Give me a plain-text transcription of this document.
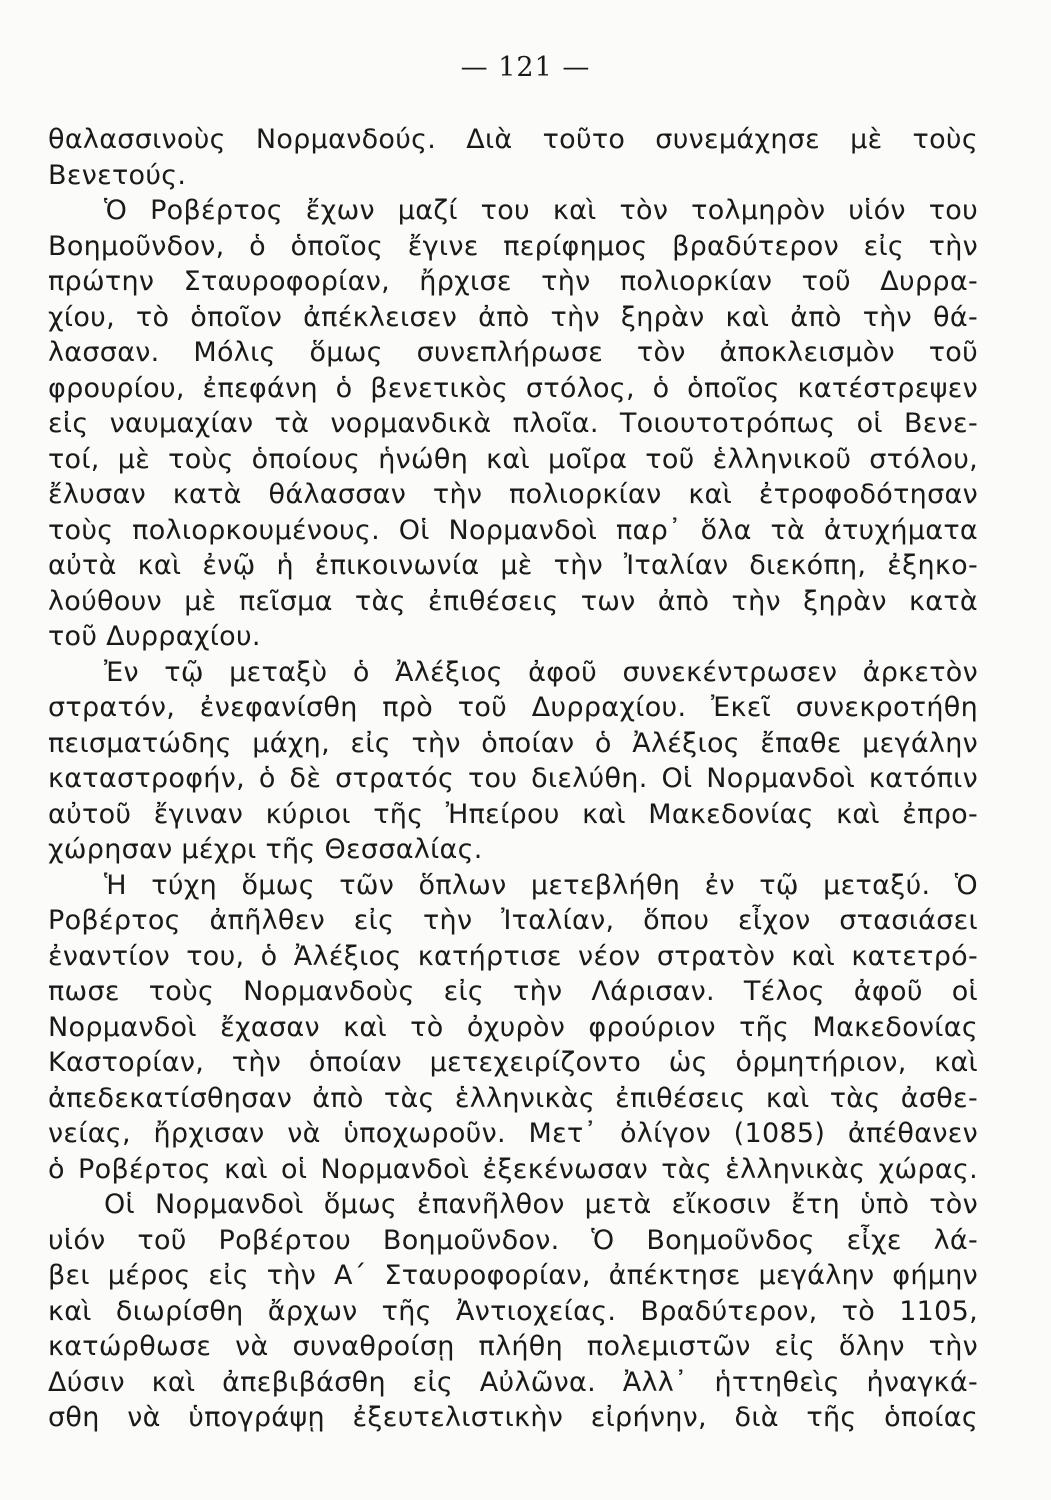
— 121 —
θαλασσινοὺς Νορμανδούς. Διὰ τοῦτο συνεμάχησε μὲ τοὺς
Βενετούς.
Ὁ Ροβέρτος ἔχων μαζί του καὶ τὸν τολμηρὸν υἱόν του
Βοημοῦνδον, ὁ ὁποῖος ἔγινε περίφημος βραδύτερον εἰς τὴν
πρώτην Σταυροφορίαν, ἤρχισε τὴν πολιορκίαν τοῦ Δυρρα-
χίου, τὸ ὁποῖον ἀπέκλεισεν ἀπὸ τὴν ξηρὰν καὶ ἀπὸ τὴν θά-
λασσαν. Μόλις ὅμως συνεπλήρωσε τὸν ἀποκλεισμὸν τοῦ
φρουρίου, ἐπεφάνη ὁ βενετικὸς στόλος, ὁ ὁποῖος κατέστρεψεν
εἰς ναυμαχίαν τὰ νορμανδικὰ πλοῖα. Τοιουτοτρόπως οἱ Βενε-
τοί, μὲ τοὺς ὁποίους ἡνώθη καὶ μοῖρα τοῦ ἑλληνικοῦ στόλου,
ἔλυσαν κατὰ θάλασσαν τὴν πολιορκίαν καὶ ἐτροφοδότησαν
τοὺς πολιορκουμένους. Οἱ Νορμανδοὶ παρ᾽ ὅλα τὰ ἀτυχήματα
αὐτὰ καὶ ἐνῷ ἡ ἐπικοινωνία μὲ τὴν Ἰταλίαν διεκόπη, ἐξηκο-
λούθουν μὲ πεῖσμα τὰς ἐπιθέσεις των ἀπὸ τὴν ξηρὰν κατὰ
τοῦ Δυρραχίου.
Ἐν τῷ μεταξὺ ὁ Ἀλέξιος ἀφοῦ συνεκέντρωσεν ἀρκετὸν
στρατόν, ἐνεφανίσθη πρὸ τοῦ Δυρραχίου. Ἐκεῖ συνεκροτήθη
πεισματώδης μάχη, εἰς τὴν ὁποίαν ὁ Ἀλέξιος ἔπαθε μεγάλην
καταστροφήν, ὁ δὲ στρατός του διελύθη. Οἱ Νορμανδοὶ κατόπιν
αὐτοῦ ἔγιναν κύριοι τῆς Ἠπείρου καὶ Μακεδονίας καὶ ἐπρο-
χώρησαν μέχρι τῆς Θεσσαλίας.
Ἡ τύχη ὅμως τῶν ὅπλων μετεβλήθη ἐν τῷ μεταξύ. Ὁ
Ροβέρτος ἀπῆλθεν εἰς τὴν Ἰταλίαν, ὅπου εἶχον στασιάσει
ἐναντίον του, ὁ Ἀλέξιος κατήρτισε νέον στρατὸν καὶ κατετρό-
πωσε τοὺς Νορμανδοὺς εἰς τὴν Λάρισαν. Τέλος ἀφοῦ οἱ
Νορμανδοὶ ἔχασαν καὶ τὸ ὀχυρὸν φρούριον τῆς Μακεδονίας
Καστορίαν, τὴν ὁποίαν μετεχειρίζοντο ὡς ὁρμητήριον, καὶ
ἀπεδεκατίσθησαν ἀπὸ τὰς ἑλληνικὰς ἐπιθέσεις καὶ τὰς ἀσθε-
νείας, ἤρχισαν νὰ ὑποχωροῦν. Μετ᾽ ὀλίγον (1085) ἀπέθανεν
ὁ Ροβέρτος καὶ οἱ Νορμανδοὶ ἐξεκένωσαν τὰς ἑλληνικὰς χώρας.
Οἱ Νορμανδοὶ ὅμως ἐπανῆλθον μετὰ εἴκοσιν ἔτη ὑπὸ τὸν
υἱόν τοῦ Ροβέρτου Βοημοῦνδον. Ὁ Βοημοῦνδος εἶχε λά-
βει μέρος εἰς τὴν Α´ Σταυροφορίαν, ἀπέκτησε μεγάλην φήμην
καὶ διωρίσθη ἄρχων τῆς Ἀντιοχείας. Βραδύτερον, τὸ 1105,
κατώρθωσε νὰ συναθροίσῃ πλήθη πολεμιστῶν εἰς ὅλην τὴν
Δύσιν καὶ ἀπεβιβάσθη εἰς Αὐλῶνα. Ἀλλ᾽ ἡττηθεὶς ἠναγκά-
σθη νὰ ὑπογράψῃ ἐξευτελιστικὴν εἰρήνην, διὰ τῆς ὁποίας
